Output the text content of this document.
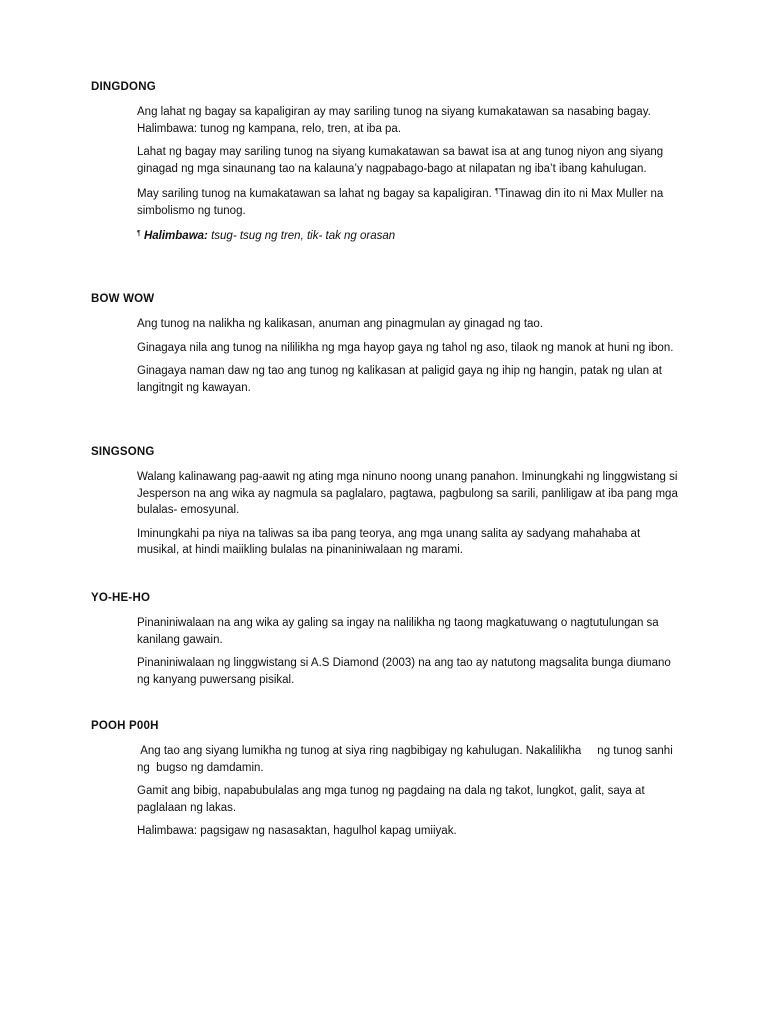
DINGDONG

Ang lahat ng bagay sa kapaligiran ay may sariling tunog na siyang kumakatawan sa nasabing bagay. Halimbawa: tunog ng kampana, relo, tren, at iba pa.

Lahat ng bagay may sariling tunog na siyang kumakatawan sa bawat isa at ang tunog niyon ang siyang ginagad ng mga sinaunang tao na kalauna’y nagpabago-bago at nilapatan ng iba’t ibang kahulugan.

May sariling tunog na kumakatawan sa lahat ng bagay sa kapaligiran. ¶Tinawag din ito ni Max Muller na simbolismo ng tunog.

¶ Halimbawa: tsug- tsug ng tren, tik- tak ng orasan

BOW WOW

Ang tunog na nalikha ng kalikasan, anuman ang pinagmulan ay ginagad ng tao.

Ginagaya nila ang tunog na nililikha ng mga hayop gaya ng tahol ng aso, tilaok ng manok at huni ng ibon.

Ginagaya naman daw ng tao ang tunog ng kalikasan at paligid gaya ng ihip ng hangin, patak ng ulan at langitngit ng kawayan.

SINGSONG

Walang kalinawang pag-aawit ng ating mga ninuno noong unang panahon. Iminungkahi ng linggwistang si Jesperson na ang wika ay nagmula sa paglalaro, pagtawa, pagbulong sa sarili, panliligaw at iba pang mga bulalas- emosyunal.

Iminungkahi pa niya na taliwas sa iba pang teorya, ang mga unang salita ay sadyang mahahaba at musikal, at hindi maiikling bulalas na pinaniniwalaan ng marami.

YO-HE-HO

Pinaniniwalaan na ang wika ay galing sa ingay na nalilikha ng taong magkatuwang o nagtutulungan sa kanilang gawain.

Pinaniniwalaan ng linggwistang si A.S Diamond (2003) na ang tao ay natutong magsalita bunga diumano ng kanyang puwersang pisikal.

POOH P00H

Ang tao ang siyang lumikha ng tunog at siya ring nagbibigay ng kahulugan. Nakalilikha     ng tunog sanhi ng  bugso ng damdamin.

Gamit ang bibig, napabubulalas ang mga tunog ng pagdaing na dala ng takot, lungkot, galit, saya at paglalaan ng lakas.

Halimbawa: pagsigaw ng nasasaktan, hagulhol kapag umiiyak.
